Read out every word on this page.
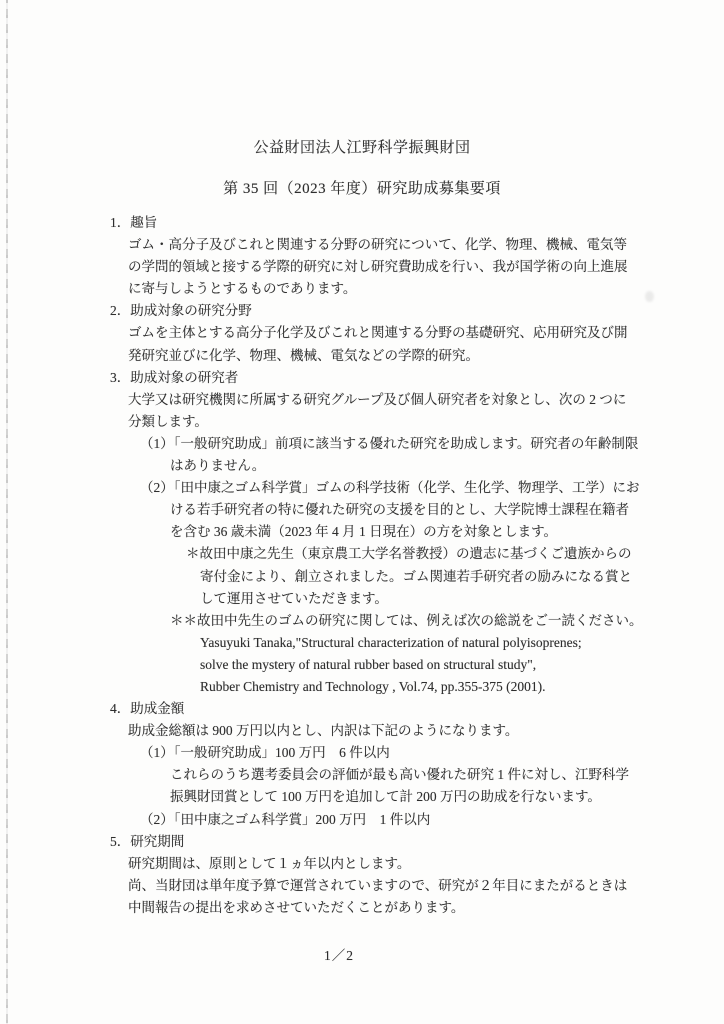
公益財団法人江野科学振興財団
第 35 回（2023 年度）研究助成募集要項
1．趣旨
ゴム・高分子及びこれと関連する分野の研究について、化学、物理、機械、電気等
の学問的領域と接する学際的研究に対し研究費助成を行い、我が国学術の向上進展
に寄与しようとするものであります。
2．助成対象の研究分野
ゴムを主体とする高分子化学及びこれと関連する分野の基礎研究、応用研究及び開
発研究並びに化学、物理、機械、電気などの学際的研究。
3．助成対象の研究者
大学又は研究機関に所属する研究グループ及び個人研究者を対象とし、次の 2 つに
分類します。
（1）「一般研究助成」前項に該当する優れた研究を助成します。研究者の年齢制限
はありません。
（2）「田中康之ゴム科学賞」ゴムの科学技術（化学、生化学、物理学、工学）にお
ける若手研究者の特に優れた研究の支援を目的とし、大学院博士課程在籍者
を含む 36 歳未満（2023 年 4 月 1 日現在）の方を対象とします。
＊故田中康之先生（東京農工大学名誉教授）の遺志に基づくご遺族からの
寄付金により、創立されました。ゴム関連若手研究者の励みになる賞と
して運用させていただきます。
＊＊故田中先生のゴムの研究に関しては、例えば次の総説をご一読ください。
Yasuyuki Tanaka,"Structural characterization of natural polyisoprenes;
solve the mystery of natural rubber based on structural study",
Rubber Chemistry and Technology , Vol.74, pp.355-375 (2001).
4．助成金額
助成金総額は 900 万円以内とし、内訳は下記のようになります。
（1）「一般研究助成」100 万円　6 件以内
これらのうち選考委員会の評価が最も高い優れた研究 1 件に対し、江野科学
振興財団賞として 100 万円を追加して計 200 万円の助成を行ないます。
（2）「田中康之ゴム科学賞」200 万円　1 件以内
5．研究期間
研究期間は、原則として１ヵ年以内とします。
尚、当財団は単年度予算で運営されていますので、研究が２年目にまたがるときは
中間報告の提出を求めさせていただくことがあります。
1／2
